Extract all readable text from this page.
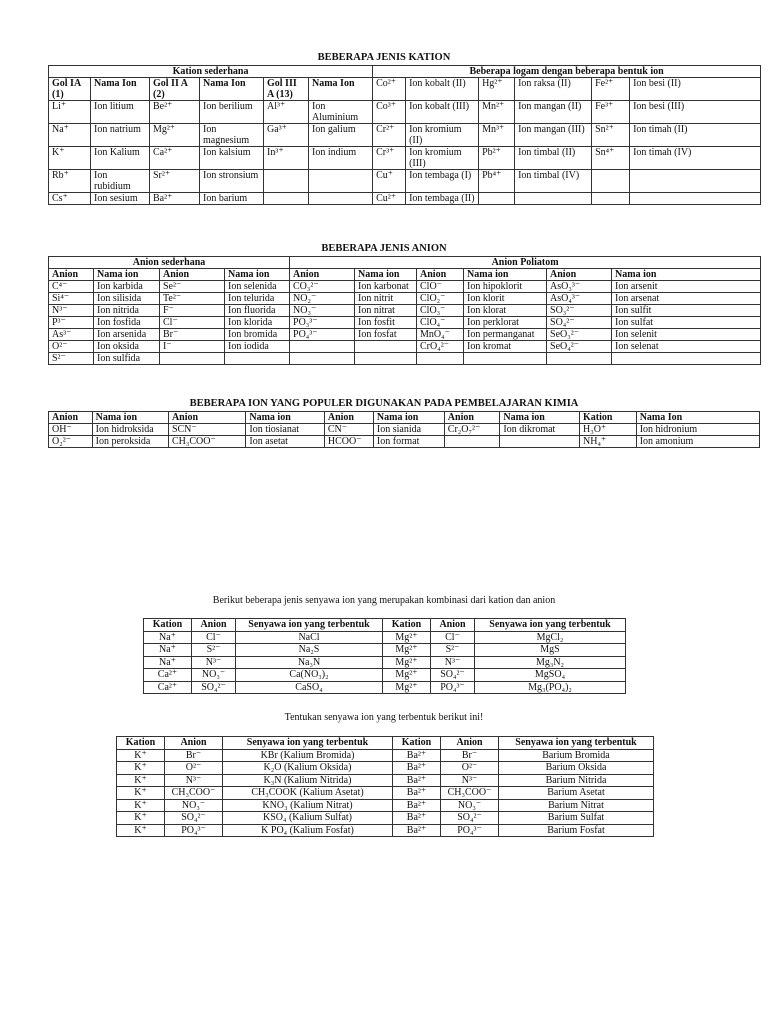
BEBERAPA JENIS KATION
Kation sederhana						Beberapa logam dengan beberapa bentuk ion					
Gol IA (1)	Nama Ion	Gol II A (2)	Nama Ion	Gol III A (13)	Nama Ion	Co²⁺	Ion kobalt (II)	Hg²⁺	Ion raksa (II)	Fe²⁺	Ion besi (II)
Li⁺	Ion litium	Be²⁺	Ion berilium	Al³⁺	Ion Aluminium	Co³⁺	Ion kobalt (III)	Mn²⁺	Ion mangan (II)	Fe³⁺	Ion besi (III)
Na⁺	Ion natrium	Mg²⁺	Ion magnesium	Ga³⁺	Ion galium	Cr²⁺	Ion kromium (II)	Mn³⁺	Ion mangan (III)	Sn²⁺	Ion timah (II)
K⁺	Ion Kalium	Ca²⁺	Ion kalsium	In³⁺	Ion indium	Cr³⁺	Ion kromium (III)	Pb²⁺	Ion timbal (II)	Sn⁴⁺	Ion timah (IV)
Rb⁺	Ion rubidium	Sr²⁺	Ion stronsium			Cu⁺	Ion tembaga (I)	Pb⁴⁺	Ion timbal (IV)		
Cs⁺	Ion sesium	Ba²⁺	Ion barium			Cu²⁺	Ion tembaga (II)				
BEBERAPA JENIS ANION
Anion sederhana				Anion Poliatom					
Anion	Nama ion	Anion	Nama ion	Anion	Nama ion	Anion	Nama ion	Anion	Nama ion
C⁴⁻	Ion karbida	Se²⁻	Ion selenida	CO₃²⁻	Ion karbonat	ClO⁻	Ion hipoklorit	AsO₃³⁻	Ion arsenit
Si⁴⁻	Ion silisida	Te²⁻	Ion telurida	NO₂⁻	Ion nitrit	ClO₂⁻	Ion klorit	AsO₄³⁻	Ion arsenat
N³⁻	Ion nitrida	F⁻	Ion fluorida	NO₃⁻	Ion nitrat	ClO₃⁻	Ion klorat	SO₃²⁻	Ion sulfit
P³⁻	Ion fosfida	Cl⁻	Ion klorida	PO₃³⁻	Ion fosfit	ClO₄⁻	Ion perklorat	SO₄²⁻	Ion sulfat
As³⁻	Ion arsenida	Br⁻	Ion bromida	PO₄³⁻	Ion fosfat	MnO₄⁻	Ion permanganat	SeO₃²⁻	Ion selenit
O²⁻	Ion oksida	I⁻	Ion iodida			CrO₄²⁻	Ion kromat	SeO₄²⁻	Ion selenat
S²⁻	Ion sulfida								
BEBERAPA ION YANG POPULER DIGUNAKAN PADA PEMBELAJARAN KIMIA
Anion	Nama ion	Anion	Nama ion	Anion	Nama ion	Anion	Nama ion	Kation	Nama Ion
OH⁻	Ion hidroksida	SCN⁻	Ion tiosianat	CN⁻	Ion sianida	Cr₂O₇²⁻	Ion dikromat	H₃O⁺	Ion hidronium
O₂²⁻	Ion peroksida	CH₃COO⁻	Ion asetat	HCOO⁻	Ion format			NH₄⁺	Ion amonium
Berikut beberapa jenis senyawa ion yang merupakan kombinasi dari kation dan anion
Kation	Anion	Senyawa ion yang terbentuk	Kation	Anion	Senyawa ion yang terbentuk
Na⁺	Cl⁻	NaCl	Mg²⁺	Cl⁻	MgCl₂
Na⁺	S²⁻	Na₂S	Mg²⁺	S²⁻	MgS
Na⁺	N³⁻	Na₃N	Mg²⁺	N³⁻	Mg₃N₂
Ca²⁺	NO₃⁻	Ca(NO₃)₂	Mg²⁺	SO₄²⁻	MgSO₄
Ca²⁺	SO₄²⁻	CaSO₄	Mg²⁺	PO₄³⁻	Mg₃(PO₄)₂
Tentukan senyawa ion yang terbentuk berikut ini!
Kation	Anion	Senyawa ion yang terbentuk	Kation	Anion	Senyawa ion yang terbentuk
K⁺	Br⁻	KBr (Kalium Bromida)	Ba²⁺	Br⁻	Barium Bromida
K⁺	O²⁻	K₂O (Kalium Oksida)	Ba²⁺	O²⁻	Barium Oksida
K⁺	N³⁻	K₃N (Kalium Nitrida)	Ba²⁺	N³⁻	Barium Nitrida
K⁺	CH₃COO⁻	CH₃COOK (Kalium Asetat)	Ba²⁺	CH₃COO⁻	Barium Asetat
K⁺	NO₃⁻	KNO₃ (Kalium Nitrat)	Ba²⁺	NO₃⁻	Barium Nitrat
K⁺	SO₄²⁻	KSO₄ (Kalium Sulfat)	Ba²⁺	SO₄²⁻	Barium Sulfat
K⁺	PO₄³⁻	K PO₄ (Kalium Fosfat)	Ba²⁺	PO₄³⁻	Barium Fosfat
